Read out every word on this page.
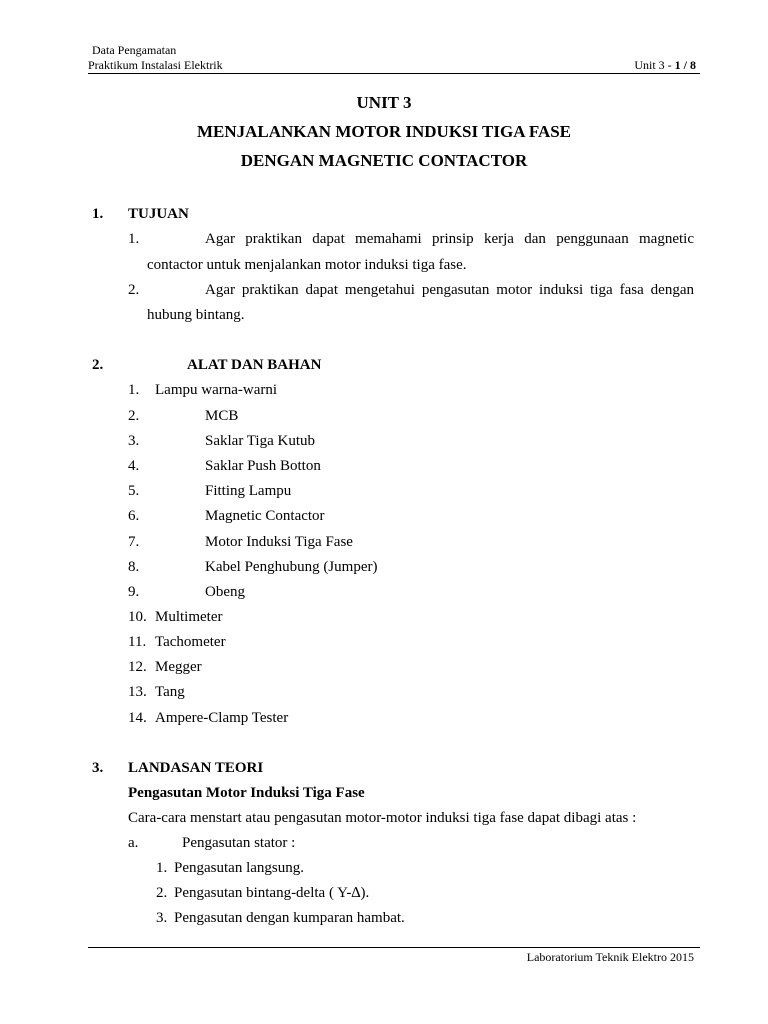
Data Pengamatan
Praktikum Instalasi Elektrik	Unit 3 - 1 / 8
UNIT 3
MENJALANKAN MOTOR INDUKSI TIGA FASE
DENGAN MAGNETIC CONTACTOR
1. TUJUAN
1.	Agar praktikan dapat memahami prinsip kerja dan penggunaan magnetic
contactor untuk menjalankan motor induksi tiga fase.
2.	Agar praktikan dapat mengetahui pengasutan motor induksi tiga fasa dengan
hubung bintang.
2.	ALAT DAN BAHAN
1. Lampu warna-warni
2.	MCB
3.	Saklar Tiga Kutub
4.	Saklar Push Botton
5.	Fitting Lampu
6.	Magnetic Contactor
7.	Motor Induksi Tiga Fase
8.	Kabel Penghubung (Jumper)
9.	Obeng
10. Multimeter
11. Tachometer
12. Megger
13. Tang
14. Ampere-Clamp Tester
3. LANDASAN TEORI
Pengasutan Motor Induksi Tiga Fase
Cara-cara menstart atau pengasutan motor-motor induksi tiga fase dapat dibagi atas :
a.	Pengasutan stator :
1. Pengasutan langsung.
2. Pengasutan bintang-delta ( Y-∆).
3. Pengasutan dengan kumparan hambat.
Laboratorium Teknik Elektro 2015
